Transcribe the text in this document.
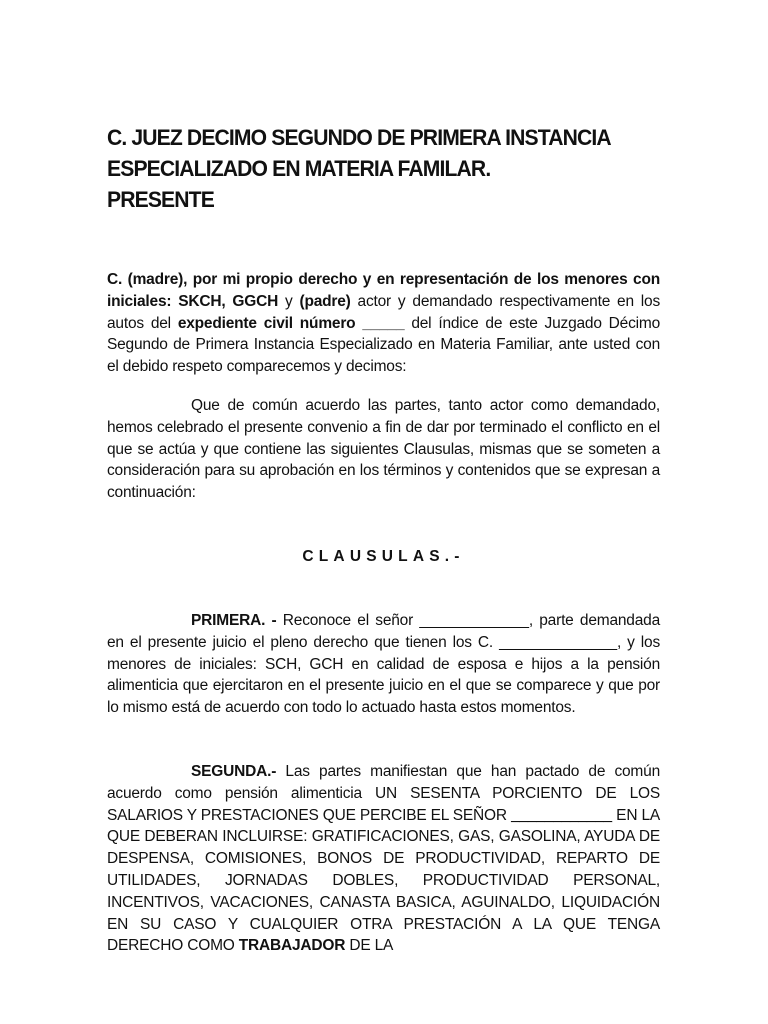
C. JUEZ DECIMO SEGUNDO DE PRIMERA INSTANCIA
ESPECIALIZADO EN MATERIA FAMILAR.
PRESENTE

C. (madre), por mi propio derecho y en representación de los menores con iniciales: SKCH, GGCH y (padre) actor y demandado respectivamente en los autos del expediente civil número _____ del índice de este Juzgado Décimo Segundo de Primera Instancia Especializado en Materia Familiar, ante usted con el debido respeto comparecemos y decimos:

Que de común acuerdo las partes, tanto actor como demandado, hemos celebrado el presente convenio a fin de dar por terminado el conflicto en el que se actúa y que contiene las siguientes Clausulas, mismas que se someten a consideración para su aprobación en los términos y contenidos que se expresan a continuación:

CLAUSULAS.-

PRIMERA. - Reconoce el señor _____________, parte demandada en el presente juicio el pleno derecho que tienen los C. ______________, y los menores de iniciales: SCH, GCH en calidad de esposa e hijos a la pensión alimenticia que ejercitaron en el presente juicio en el que se comparece y que por lo mismo está de acuerdo con todo lo actuado hasta estos momentos.

SEGUNDA.- Las partes manifiestan que han pactado de común acuerdo como pensión alimenticia UN SESENTA PORCIENTO DE LOS SALARIOS Y PRESTACIONES QUE PERCIBE EL SEÑOR ____________ EN LA QUE DEBERAN INCLUIRSE: GRATIFICACIONES, GAS, GASOLINA, AYUDA DE DESPENSA, COMISIONES, BONOS DE PRODUCTIVIDAD, REPARTO DE UTILIDADES, JORNADAS DOBLES, PRODUCTIVIDAD PERSONAL, INCENTIVOS, VACACIONES, CANASTA BASICA, AGUINALDO, LIQUIDACIÓN EN SU CASO Y CUALQUIER OTRA PRESTACIÓN A LA QUE TENGA DERECHO COMO TRABAJADOR DE LA
